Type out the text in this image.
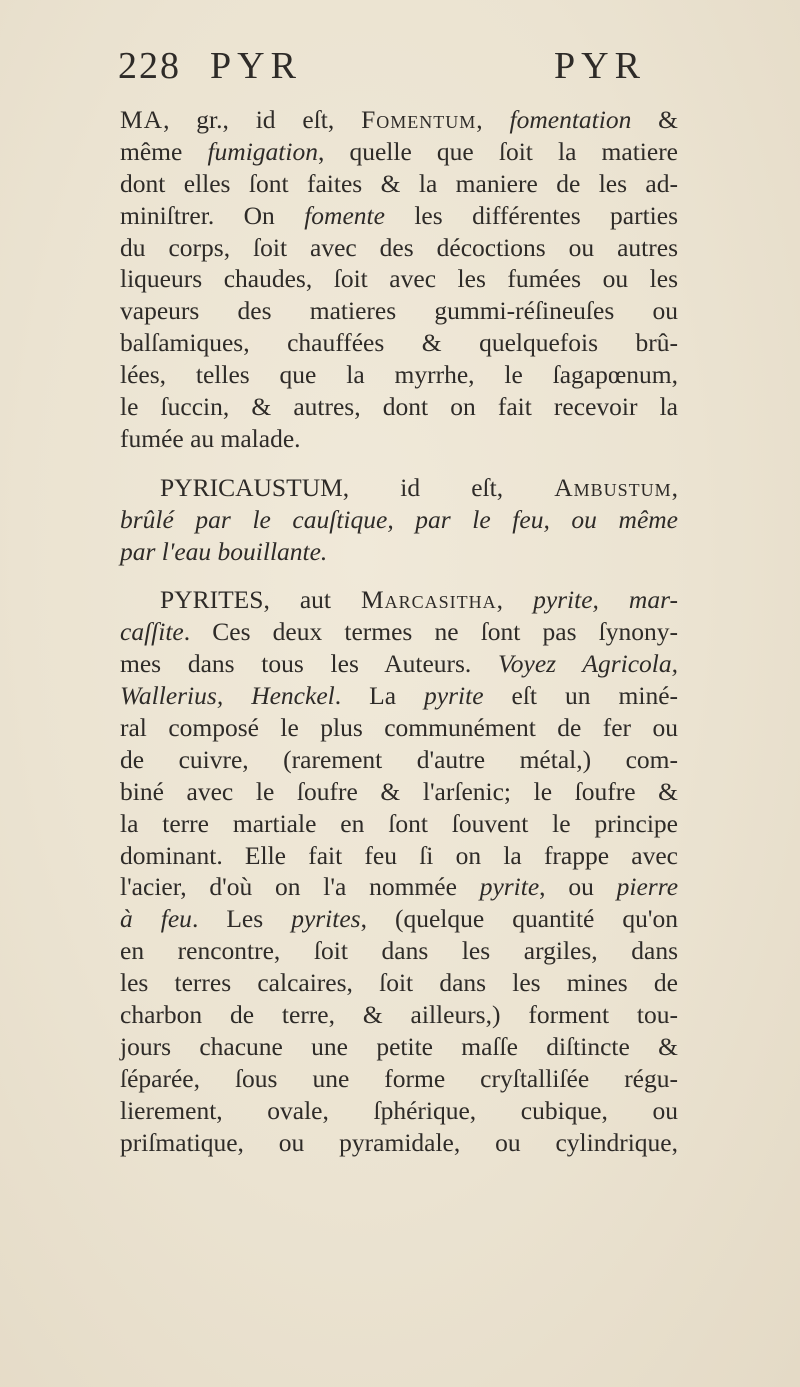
228 PYR	PYR
MA, gr., id eſt, Fomentum, fomentation &
même fumigation, quelle que ſoit la matiere
dont elles ſont faites & la maniere de les ad-
miniſtrer. On fomente les différentes parties
du corps, ſoit avec des décoctions ou autres
liqueurs chaudes, ſoit avec les fumées ou les
vapeurs des matieres gummi-réſineuſes ou
balſamiques, chauffées & quelquefois brû-
lées, telles que la myrrhe, le ſagapœnum,
le ſuccin, & autres, dont on fait recevoir la
fumée au malade.
PYRICAUSTUM, id eſt, Ambustum,
brûlé par le cauſtique, par le feu, ou même
par l'eau bouillante.
PYRITES, aut Marcasitha, pyrite, mar-
caſſite. Ces deux termes ne ſont pas ſynony-
mes dans tous les Auteurs. Voyez Agricola,
Wallerius, Henckel. La pyrite eſt un miné-
ral composé le plus communément de fer ou
de cuivre, (rarement d'autre métal,) com-
biné avec le ſoufre & l'arſenic; le ſoufre &
la terre martiale en ſont ſouvent le principe
dominant. Elle fait feu ſi on la frappe avec
l'acier, d'où on l'a nommée pyrite, ou pierre
à feu. Les pyrites, (quelque quantité qu'on
en rencontre, ſoit dans les argiles, dans
les terres calcaires, ſoit dans les mines de
charbon de terre, & ailleurs,) forment tou-
jours chacune une petite maſſe diſtincte &
ſéparée, ſous une forme cryſtalliſée régu-
lierement, ovale, ſphérique, cubique, ou
priſmatique, ou pyramidale, ou cylindrique,
